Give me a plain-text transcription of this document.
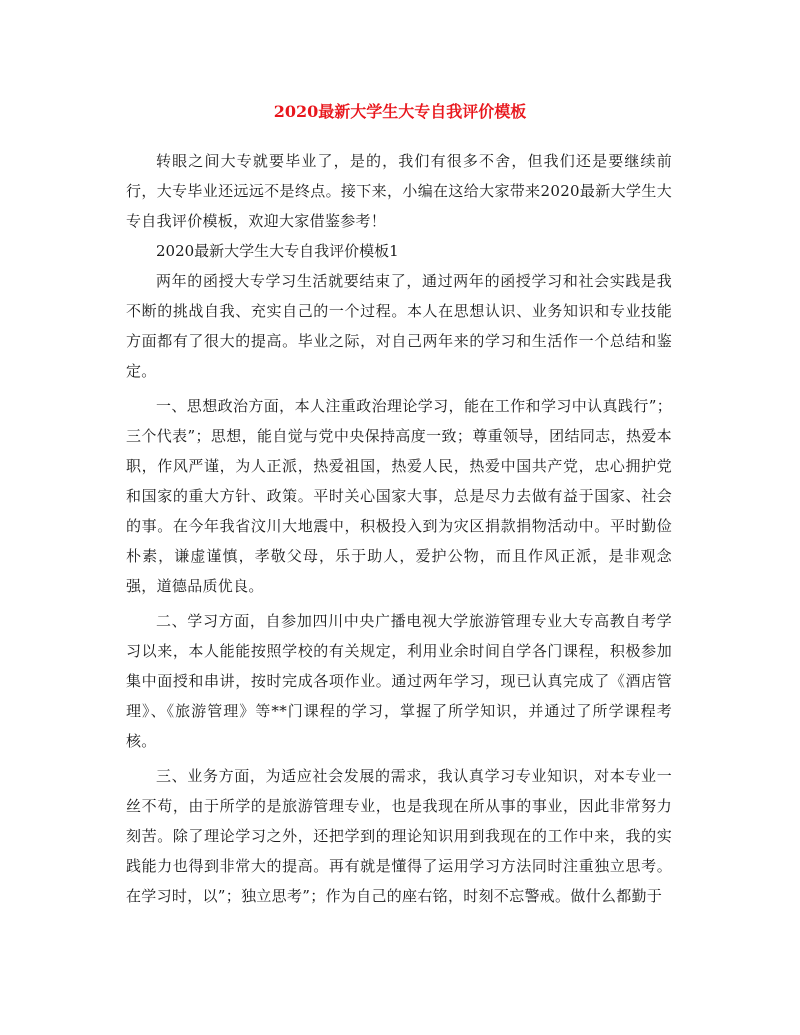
2020最新大学生大专自我评价模板

转眼之间大专就要毕业了，是的，我们有很多不舍，但我们还是要继续前行，大专毕业还远远不是终点。接下来，小编在这给大家带来2020最新大学生大专自我评价模板，欢迎大家借鉴参考！

2020最新大学生大专自我评价模板1

两年的函授大专学习生活就要结束了，通过两年的函授学习和社会实践是我不断的挑战自我、充实自己的一个过程。本人在思想认识、业务知识和专业技能方面都有了很大的提高。毕业之际，对自己两年来的学习和生活作一个总结和鉴定。

一、思想政治方面，本人注重政治理论学习，能在工作和学习中认真践行”；三个代表”；思想，能自觉与党中央保持高度一致；尊重领导，团结同志，热爱本职，作风严谨，为人正派，热爱祖国，热爱人民，热爱中国共产党，忠心拥护党和国家的重大方针、政策。平时关心国家大事，总是尽力去做有益于国家、社会的事。在今年我省汶川大地震中，积极投入到为灾区捐款捐物活动中。平时勤俭朴素，谦虚谨慎，孝敬父母，乐于助人，爱护公物，而且作风正派，是非观念强，道德品质优良。

二、学习方面，自参加四川中央广播电视大学旅游管理专业大专高教自考学习以来，本人能能按照学校的有关规定，利用业余时间自学各门课程，积极参加集中面授和串讲，按时完成各项作业。通过两年学习，现已认真完成了《酒店管理》、《旅游管理》等**门课程的学习，掌握了所学知识，并通过了所学课程考核。

三、业务方面，为适应社会发展的需求，我认真学习专业知识，对本专业一丝不苟，由于所学的是旅游管理专业，也是我现在所从事的事业，因此非常努力刻苦。除了理论学习之外，还把学到的理论知识用到我现在的工作中来，我的实践能力也得到非常大的提高。再有就是懂得了运用学习方法同时注重独立思考。在学习时，以”；独立思考”；作为自己的座右铭，时刻不忘警戒。做什么都勤于
